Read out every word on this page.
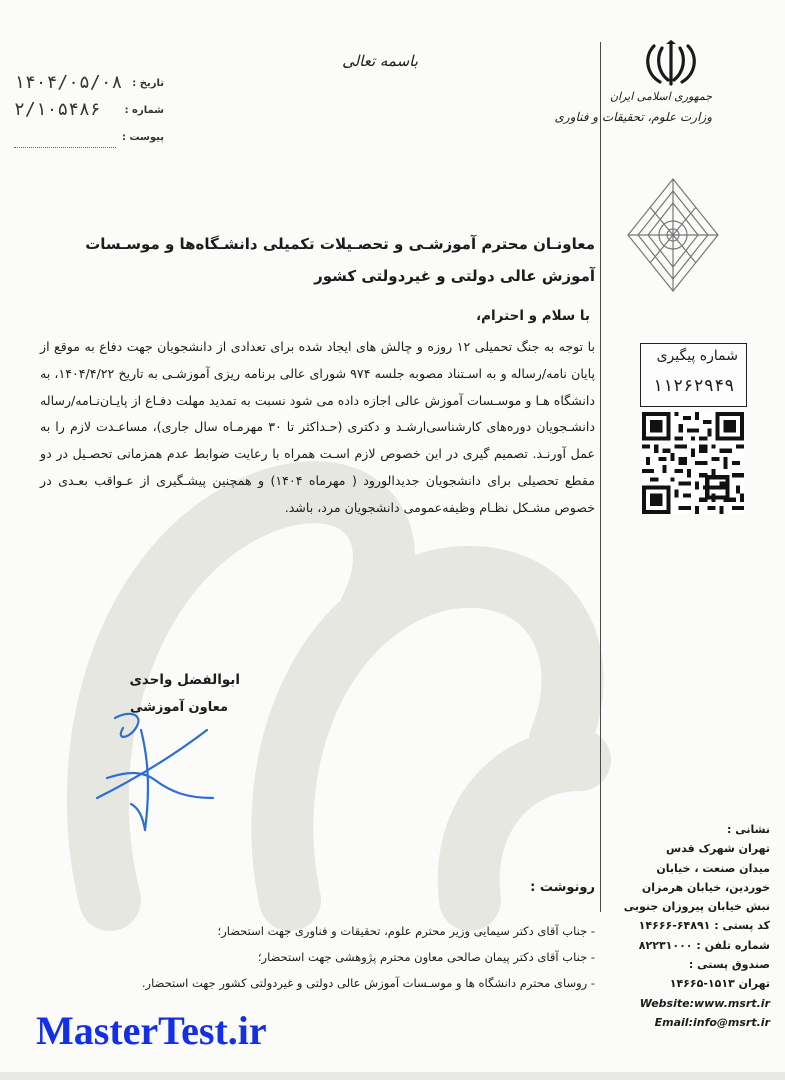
۱۴۰۴/۰۵/۰۸ تاریخ :
۲/۱۰۵۴۸۶ شماره :
پیوست :
باسمه تعالی
جمهوری اسلامی ایران
وزارت علوم، تحقیقات و فناوری
معاونـان محترم آموزشـی و تحصـیلات تکمیلی دانشـگاه‌ها و موسـسات آموزش عالی دولتی و غیردولتی کشور
با سلام و احترام،
با توجه به جنگ تحمیلی ۱۲ روزه و چالش های ایجاد شده برای تعدادی از دانشجویان جهت دفاع به موقع از پایان نامه/رساله و به اسـتناد مصوبه جلسه ۹۷۴ شورای عالی برنامه ریزی آموزشـی به تاریخ ۱۴۰۴/۴/۲۲، به دانشگاه هـا و موسـسات آموزش عالی اجازه داده می شود نسبت به تمدید مهلت دفـاع از پایـان‌نـامه/رساله دانشـجویان دوره‌های کارشناسی‌ارشـد و دکتری (حـداکثر تا ۳۰ مهرمـاه سال جاری)، مساعـدت لازم را به عمل آورنـد. تصمیم گیری در این خصوص لازم اسـت همراه با رعایت ضوابط عدم همزمانی تحصـیل در دو مقطع تحصیلی برای دانشجویان جدیدالورود ( مهرماه ۱۴۰۴) و همچنین پیشـگیری از عـواقب بعـدی در خصوص مشـکل نظـام وظیفه‌عمومی دانشجویان مرد، باشد.
شماره پیگیری
۱۱۲۶۲۹۴۹
ابوالفضل واحدی
معاون آموزشی
رونوشت :
- جناب آقای دکتر سیمایی وزیر محترم علوم، تحقیقات و فناوری جهت استحضار؛
- جناب آقای دکتر پیمان صالحی معاون محترم پژوهشی جهت استحضار؛
- روسای محترم دانشگاه ها و موسـسات آموزش عالی دولتی و غیردولتی کشور جهت استحضار.
نشانی :
تهران شهرک قدس
میدان صنعت ، خیابان
خوردین، خیابان هرمزان
نبش خیابان پیروزان جنوبی
کد پستی : ۶۴۸۹۱-۱۴۶۶۶
شماره تلفن : ۸۲۲۳۱۰۰۰
صندوق پستی :
تهران ۱۵۱۳-۱۴۶۶۵
Website:www.msrt.ir
Email:info@msrt.ir
MasterTest.ir
